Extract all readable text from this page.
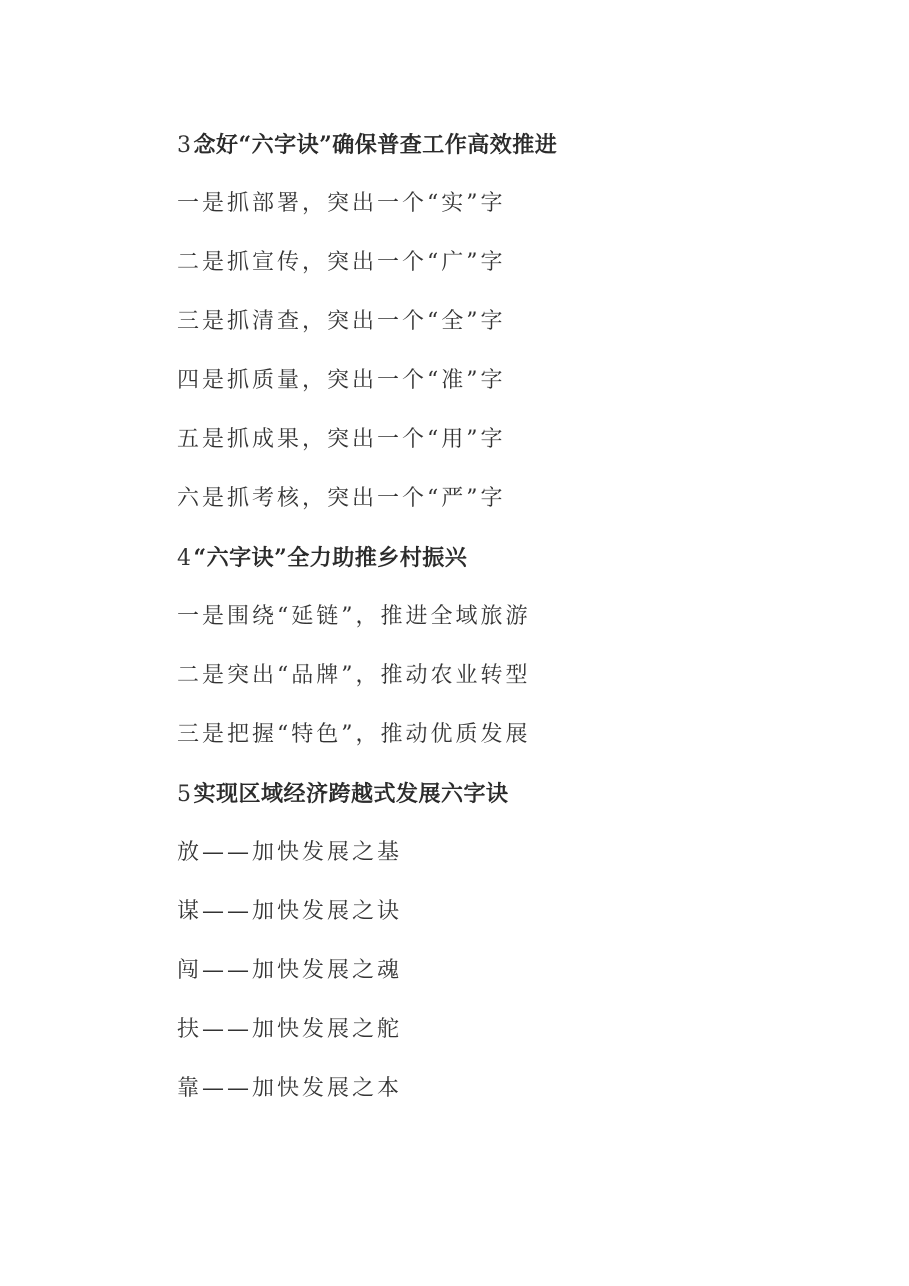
3念好“六字诀”确保普查工作高效推进
一是抓部署，突出一个“实”字
二是抓宣传，突出一个“广”字
三是抓清查，突出一个“全”字
四是抓质量，突出一个“准”字
五是抓成果，突出一个“用”字
六是抓考核，突出一个“严”字
4“六字诀”全力助推乡村振兴
一是围绕“延链”，推进全域旅游
二是突出“品牌”，推动农业转型
三是把握“特色”，推动优质发展
5实现区域经济跨越式发展六字诀
放——加快发展之基
谋——加快发展之诀
闯——加快发展之魂
扶——加快发展之舵
靠——加快发展之本
